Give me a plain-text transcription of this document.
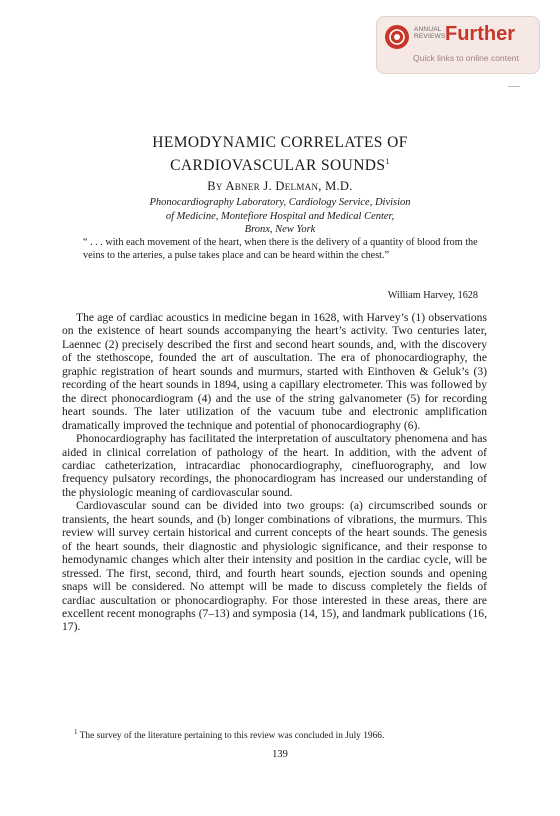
ANNUAL
REVIEWS Further
Quick links to online content
HEMODYNAMIC CORRELATES OF
CARDIOVASCULAR SOUNDS$^1$
By Abner J. Delman, M.D.
Phonocardiography Laboratory, Cardiology Service, Division
of Medicine, Montefiore Hospital and Medical Center,
Bronx, New York
“ . . . with each movement of the heart, when there is the delivery of a quantity of blood from the veins to the arteries, a pulse takes place and can be heard within the chest.”
William Harvey, 1628

The age of cardiac acoustics in medicine began in 1628, with Harvey’s (1) observations on the existence of heart sounds accompanying the heart’s activity. Two centuries later, Laennec (2) precisely described the first and second heart sounds, and, with the discovery of the stethoscope, founded the art of auscultation. The era of phonocardiography, the graphic registration of heart sounds and murmurs, started with Einthoven & Geluk’s (3) recording of the heart sounds in 1894, using a capillary electrometer. This was followed by the direct phonocardiogram (4) and the use of the string galvanometer (5) for recording heart sounds. The later utilization of the vacuum tube and electronic amplification dramatically improved the technique and potential of phonocardiography (6).

Phonocardiography has facilitated the interpretation of auscultatory phenomena and has aided in clinical correlation of pathology of the heart. In addition, with the advent of cardiac catheterization, intracardiac phonocardiography, cinefluorography, and low frequency pulsatory recordings, the phonocardiogram has increased our understanding of the physiologic meaning of cardiovascular sound.

Cardiovascular sound can be divided into two groups: (a) circumscribed sounds or transients, the heart sounds, and (b) longer combinations of vibrations, the murmurs. This review will survey certain historical and current concepts of the heart sounds. The genesis of the heart sounds, their diagnostic and physiologic significance, and their response to hemodynamic changes which alter their intensity and position in the cardiac cycle, will be stressed. The first, second, third, and fourth heart sounds, ejection sounds and opening snaps will be considered. No attempt will be made to discuss completely the fields of cardiac auscultation or phonocardiography. For those interested in these areas, there are excellent recent monographs (7–13) and symposia (14, 15), and landmark publications (16, 17).

$^1$ The survey of the literature pertaining to this review was concluded in July 1966.
139
